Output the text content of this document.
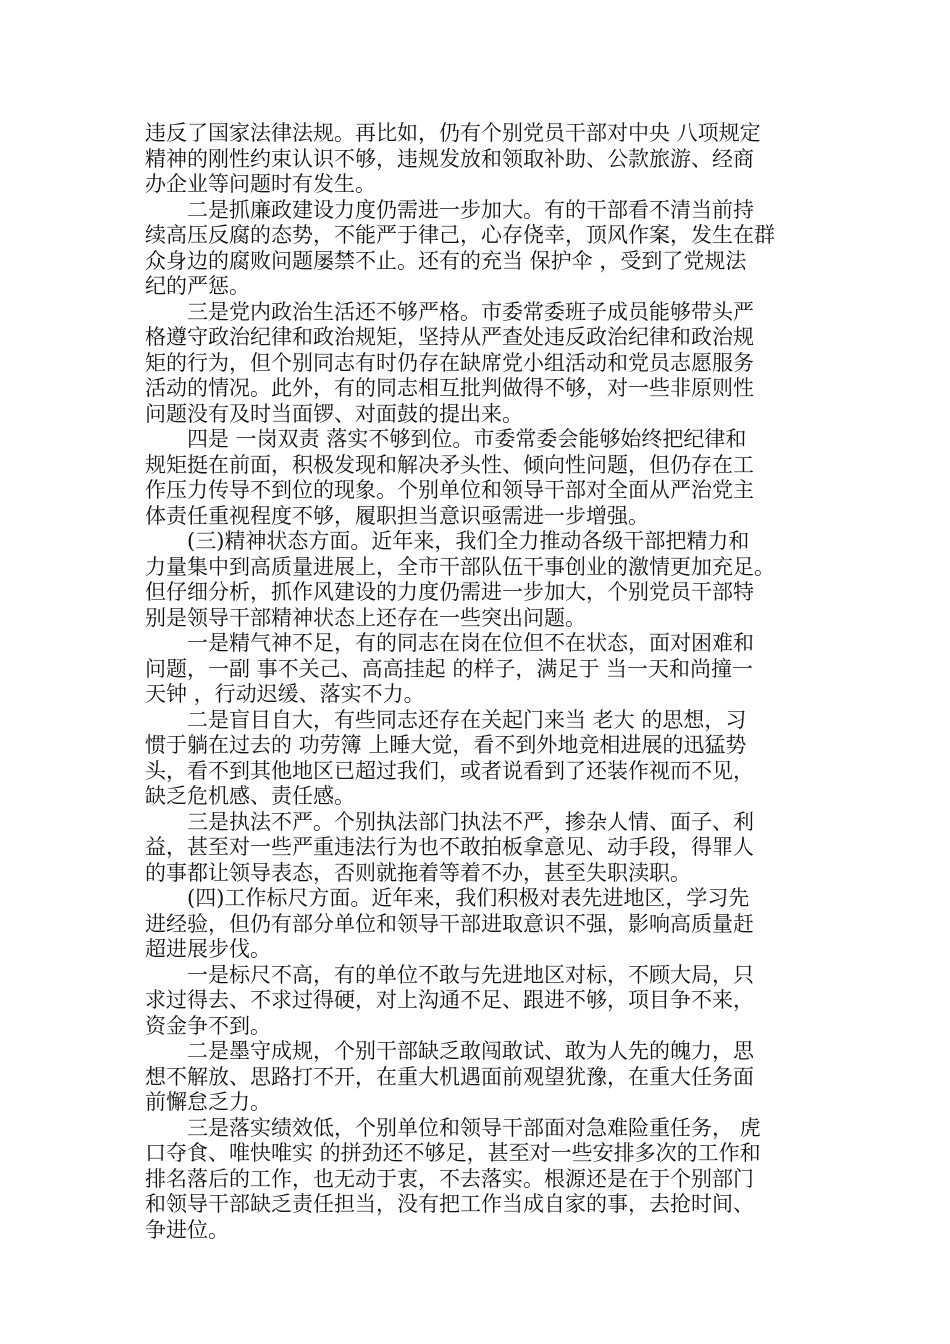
违反了国家法律法规。再比如，仍有个别党员干部对中央 八项规定
精神的刚性约束认识不够，违规发放和领取补助、公款旅游、经商
办企业等问题时有发生。
　　二是抓廉政建设力度仍需进一步加大。有的干部看不清当前持
续高压反腐的态势，不能严于律己，心存侥幸，顶风作案，发生在群
众身边的腐败问题屡禁不止。还有的充当 保护伞 ，受到了党规法
纪的严惩。
　　三是党内政治生活还不够严格。市委常委班子成员能够带头严
格遵守政治纪律和政治规矩，坚持从严查处违反政治纪律和政治规
矩的行为，但个别同志有时仍存在缺席党小组活动和党员志愿服务
活动的情况。此外，有的同志相互批判做得不够，对一些非原则性
问题没有及时当面锣、对面鼓的提出来。
　　四是 一岗双责 落实不够到位。市委常委会能够始终把纪律和
规矩挺在前面，积极发现和解决矛头性、倾向性问题，但仍存在工
作压力传导不到位的现象。个别单位和领导干部对全面从严治党主
体责任重视程度不够，履职担当意识亟需进一步增强。
　　(三)精神状态方面。近年来，我们全力推动各级干部把精力和
力量集中到高质量进展上，全市干部队伍干事创业的激情更加充足。
但仔细分析，抓作风建设的力度仍需进一步加大，个别党员干部特
别是领导干部精神状态上还存在一些突出问题。
　　一是精气神不足，有的同志在岗在位但不在状态，面对困难和
问题，一副 事不关己、高高挂起 的样子，满足于 当一天和尚撞一
天钟 ，行动迟缓、落实不力。
　　二是盲目自大，有些同志还存在关起门来当 老大 的思想，习
惯于躺在过去的 功劳簿 上睡大觉，看不到外地竞相进展的迅猛势
头，看不到其他地区已超过我们，或者说看到了还装作视而不见，
缺乏危机感、责任感。
　　三是执法不严。个别执法部门执法不严，掺杂人情、面子、利
益，甚至对一些严重违法行为也不敢拍板拿意见、动手段，得罪人
的事都让领导表态，否则就拖着等着不办，甚至失职渎职。
　　(四)工作标尺方面。近年来，我们积极对表先进地区，学习先
进经验，但仍有部分单位和领导干部进取意识不强，影响高质量赶
超进展步伐。
　　一是标尺不高，有的单位不敢与先进地区对标，不顾大局，只
求过得去、不求过得硬，对上沟通不足、跟进不够，项目争不来，
资金争不到。
　　二是墨守成规，个别干部缺乏敢闯敢试、敢为人先的魄力，思
想不解放、思路打不开，在重大机遇面前观望犹豫，在重大任务面
前懈怠乏力。
　　三是落实绩效低，个别单位和领导干部面对急难险重任务， 虎
口夺食、唯快唯实 的拼劲还不够足，甚至对一些安排多次的工作和
排名落后的工作，也无动于衷，不去落实。根源还是在于个别部门
和领导干部缺乏责任担当，没有把工作当成自家的事，去抢时间、
争进位。
